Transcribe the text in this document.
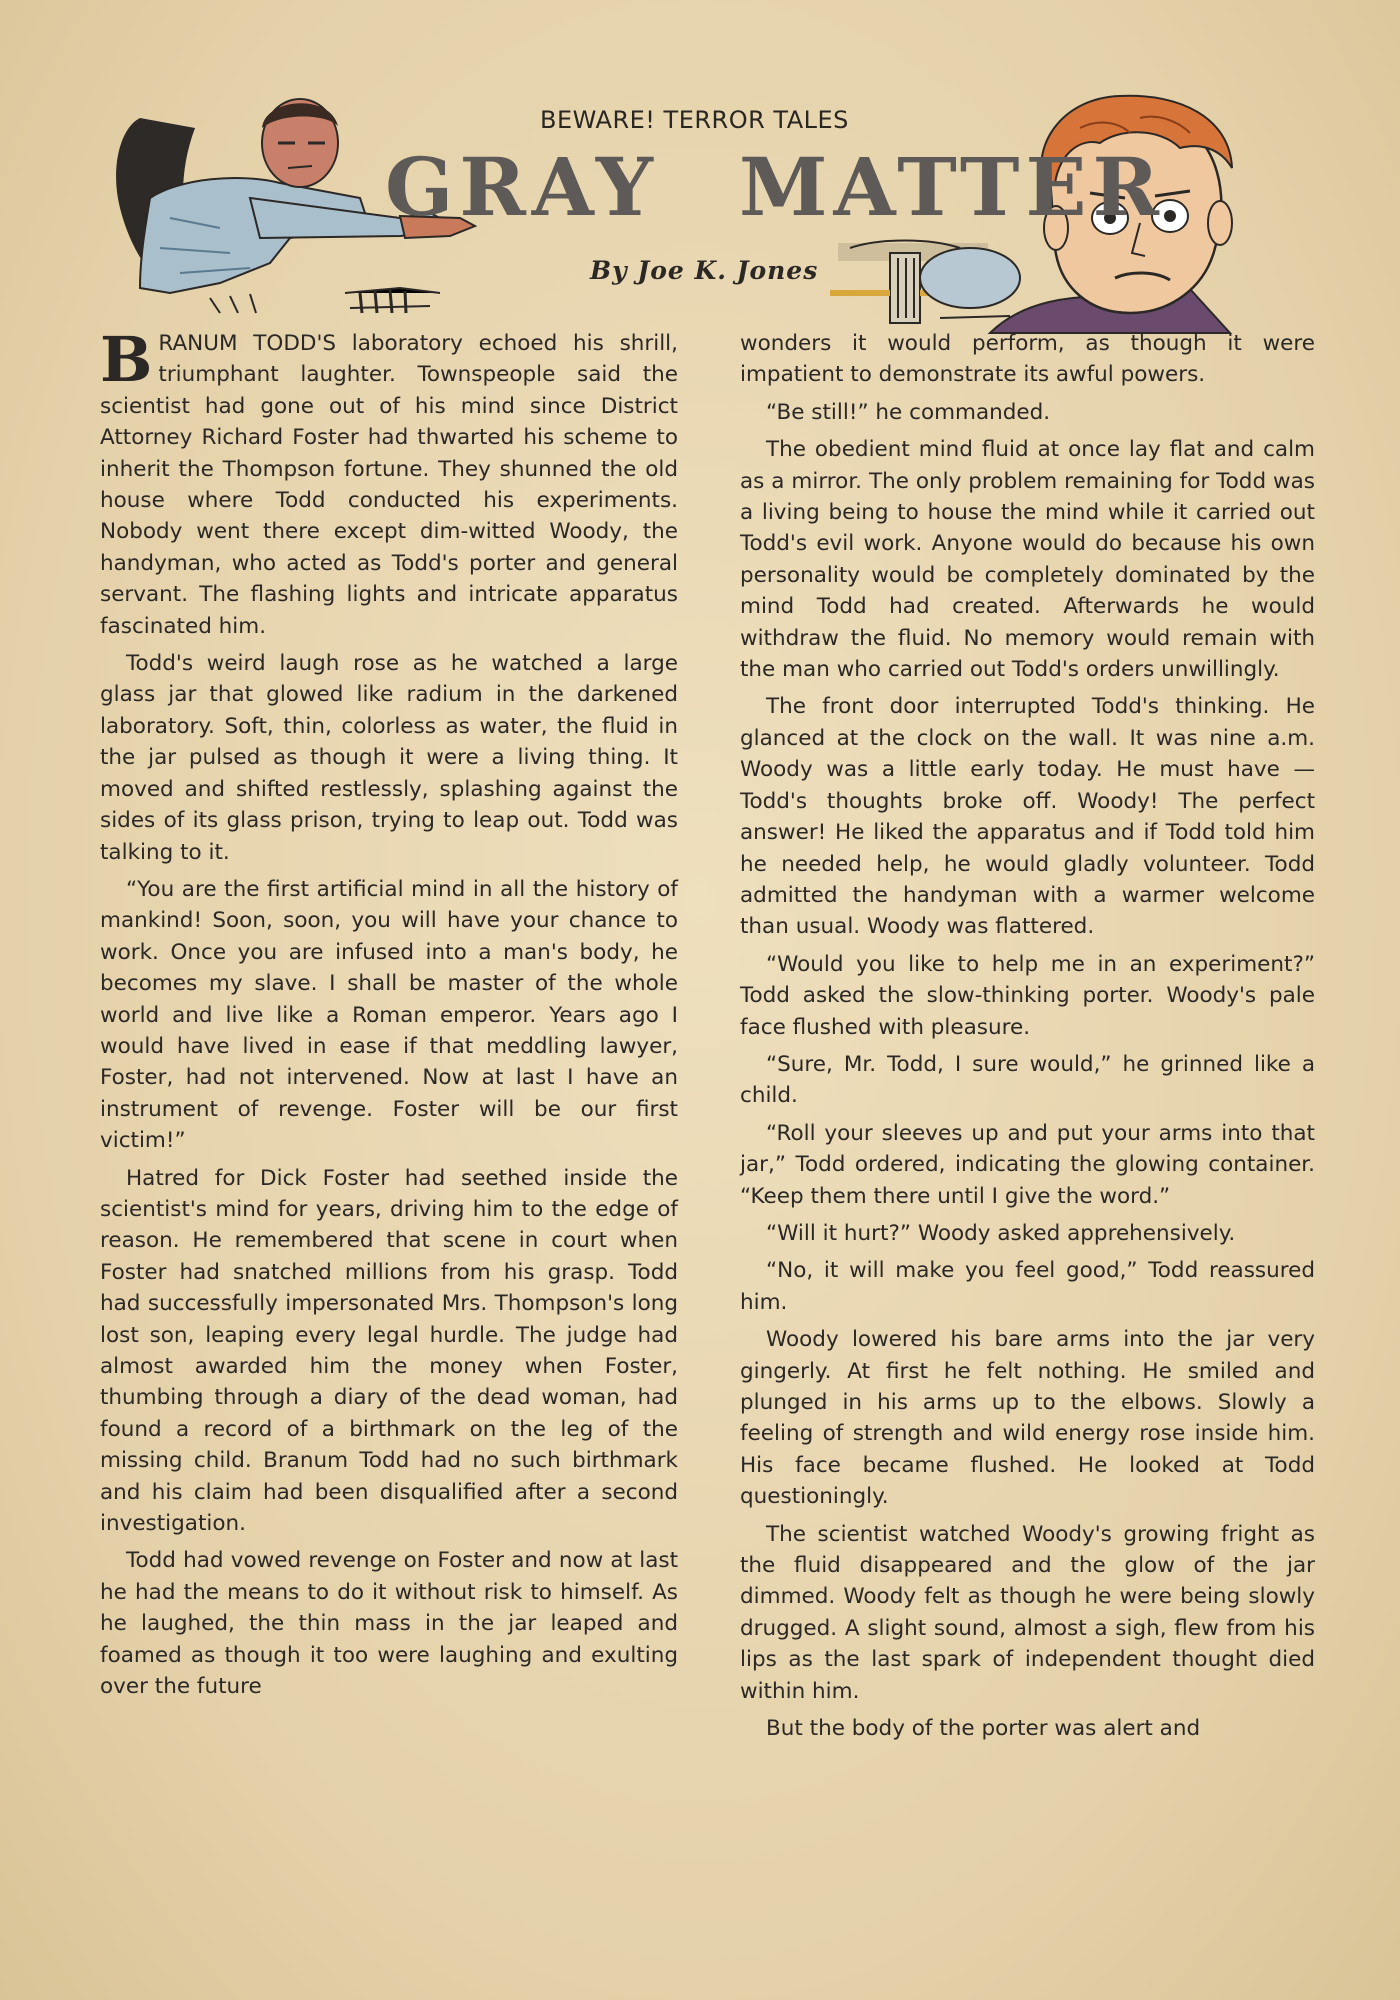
BEWARE! TERROR TALES
GRAY MATTER
By Joe K. Jones

BRANUM TODD'S laboratory echoed his shrill, triumphant laughter. Townspeople said the scientist had gone out of his mind since District Attorney Richard Foster had thwarted his scheme to inherit the Thompson fortune. They shunned the old house where Todd conducted his experiments. Nobody went there except dim-witted Woody, the handyman, who acted as Todd's porter and general servant. The flashing lights and intricate apparatus fascinated him.

Todd's weird laugh rose as he watched a large glass jar that glowed like radium in the darkened laboratory. Soft, thin, colorless as water, the fluid in the jar pulsed as though it were a living thing. It moved and shifted restlessly, splashing against the sides of its glass prison, trying to leap out. Todd was talking to it.

“You are the first artificial mind in all the history of mankind! Soon, soon, you will have your chance to work. Once you are infused into a man's body, he becomes my slave. I shall be master of the whole world and live like a Roman emperor. Years ago I would have lived in ease if that meddling lawyer, Foster, had not intervened. Now at last I have an instrument of revenge. Foster will be our first victim!”

Hatred for Dick Foster had seethed inside the scientist's mind for years, driving him to the edge of reason. He remembered that scene in court when Foster had snatched millions from his grasp. Todd had successfully impersonated Mrs. Thompson's long lost son, leaping every legal hurdle. The judge had almost awarded him the money when Foster, thumbing through a diary of the dead woman, had found a record of a birthmark on the leg of the missing child. Branum Todd had no such birthmark and his claim had been disqualified after a second investigation.

Todd had vowed revenge on Foster and now at last he had the means to do it without risk to himself. As he laughed, the thin mass in the jar leaped and foamed as though it too were laughing and exulting over the future

wonders it would perform, as though it were impatient to demonstrate its awful powers.

“Be still!” he commanded.

The obedient mind fluid at once lay flat and calm as a mirror. The only problem remaining for Todd was a living being to house the mind while it carried out Todd's evil work. Anyone would do because his own personality would be completely dominated by the mind Todd had created. Afterwards he would withdraw the fluid. No memory would remain with the man who carried out Todd's orders unwillingly.

The front door interrupted Todd's thinking. He glanced at the clock on the wall. It was nine a.m. Woody was a little early today. He must have — Todd's thoughts broke off. Woody! The perfect answer! He liked the apparatus and if Todd told him he needed help, he would gladly volunteer. Todd admitted the handyman with a warmer welcome than usual. Woody was flattered.

“Would you like to help me in an experiment?” Todd asked the slow-thinking porter. Woody's pale face flushed with pleasure.

“Sure, Mr. Todd, I sure would,” he grinned like a child.

“Roll your sleeves up and put your arms into that jar,” Todd ordered, indicating the glowing container. “Keep them there until I give the word.”

“Will it hurt?” Woody asked apprehensively.

“No, it will make you feel good,” Todd reassured him.

Woody lowered his bare arms into the jar very gingerly. At first he felt nothing. He smiled and plunged in his arms up to the elbows. Slowly a feeling of strength and wild energy rose inside him. His face became flushed. He looked at Todd questioningly.

The scientist watched Woody's growing fright as the fluid disappeared and the glow of the jar dimmed. Woody felt as though he were being slowly drugged. A slight sound, almost a sigh, flew from his lips as the last spark of independent thought died within him.

But the body of the porter was alert and
